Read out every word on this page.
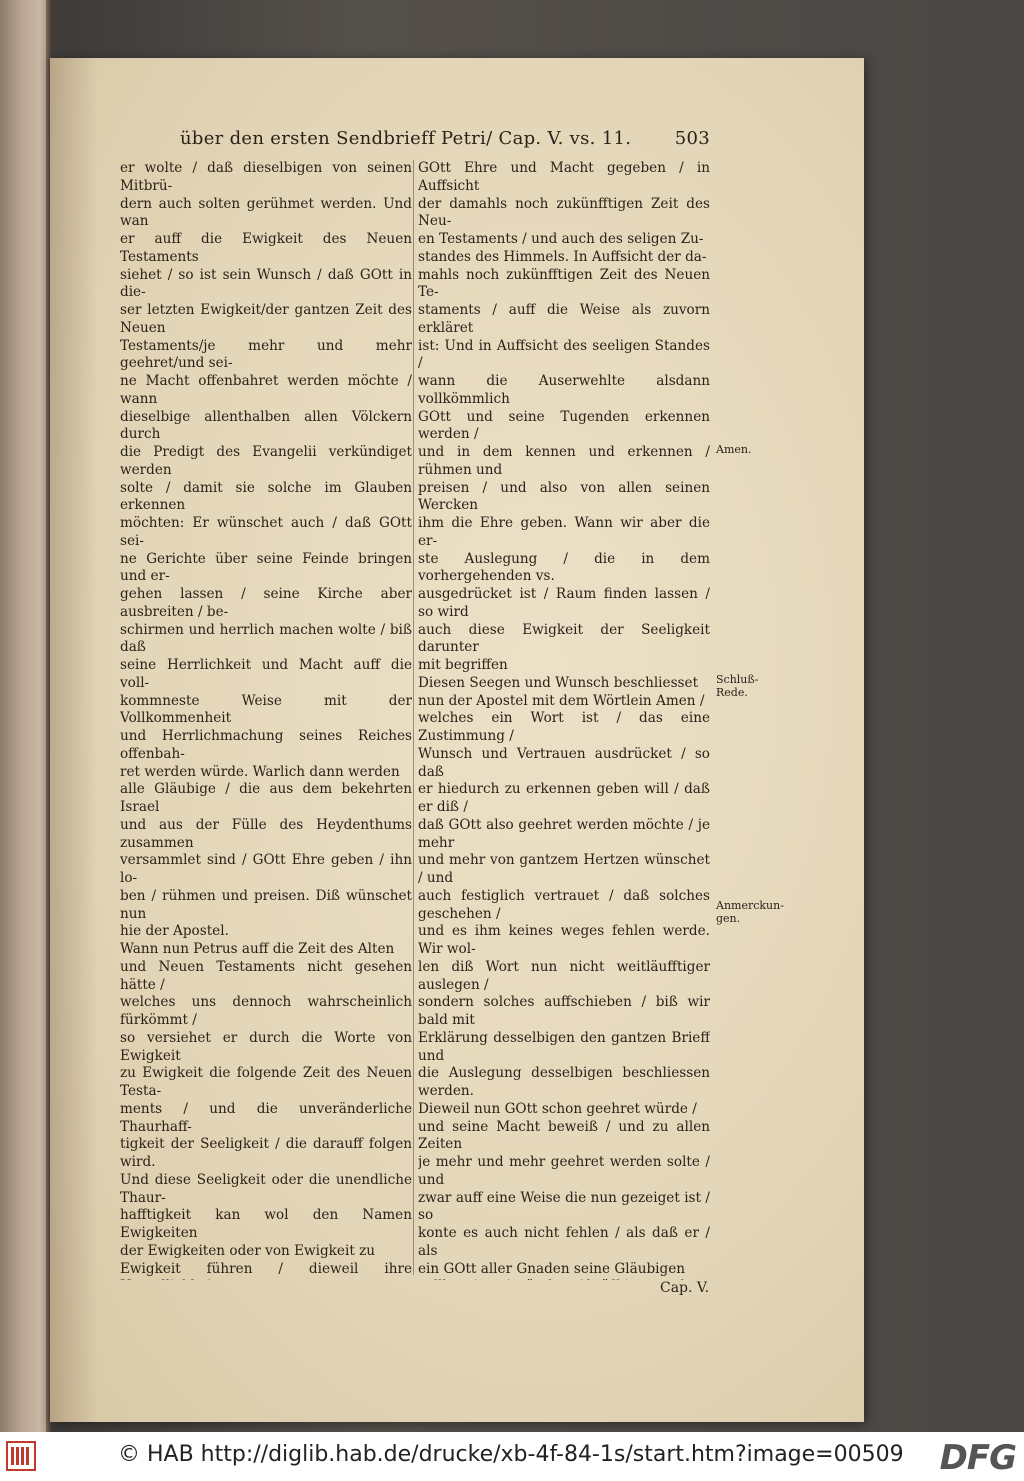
über den ersten Sendbrieff Petri/ Cap. V. vs. 11. 503

er wolte / daß dieselbigen von seinen Mitbrü-

dern auch solten gerühmet werden. Und wan

er auff die Ewigkeit des Neuen Testaments

siehet / so ist sein Wunsch / daß GOtt in die-

ser letzten Ewigkeit/der gantzen Zeit des Neuen

Testaments/je mehr und mehr geehret/und sei-

ne Macht offenbahret werden möchte / wann

dieselbige allenthalben allen Völckern durch

die Predigt des Evangelii verkündiget werden

solte / damit sie solche im Glauben erkennen

möchten: Er wünschet auch / daß GOtt sei-

ne Gerichte über seine Feinde bringen und er-

gehen lassen / seine Kirche aber ausbreiten / be-

schirmen und herrlich machen wolte / biß daß

seine Herrlichkeit und Macht auff die voll-

kommneste Weise mit der Vollkommenheit

und Herrlichmachung seines Reiches offenbah-

ret werden würde. Warlich dann werden

alle Gläubige / die aus dem bekehrten Israel

und aus der Fülle des Heydenthums zusammen

versammlet sind / GOtt Ehre geben / ihn lo-

ben / rühmen und preisen. Diß wünschet nun

hie der Apostel.

Wann nun Petrus auff die Zeit des Alten

und Neuen Testaments nicht gesehen hätte /

welches uns dennoch wahrscheinlich fürkömmt /

so versiehet er durch die Worte von Ewigkeit

zu Ewigkeit die folgende Zeit des Neuen Testa-

ments / und die unveränderliche Thaurhaff-

tigkeit der Seeligkeit / die darauff folgen wird.

Und diese Seeligkeit oder die unendliche Thaur-

hafftigkeit kan wol den Namen Ewigkeiten

der Ewigkeiten oder von Ewigkeit zu

Ewigkeit führen / dieweil ihre

GOtt Ehre und Macht gegeben / in Auffsicht

der damahls noch zukünfftigen Zeit des Neu-

en Testaments / und auch des seligen Zu-

standes des Himmels. In Auffsicht der da-

mahls noch zukünfftigen Zeit des Neuen Te-

staments / auff die Weise als zuvorn erkläret

ist: Und in Auffsicht des seeligen Standes /

wann die Auserwehlte alsdann vollkömmlich

GOtt und seine Tugenden erkennen werden /

und in dem kennen und erkennen / rühmen und

preisen / und also von allen seinen Wercken

ihm die Ehre geben. Wann wir aber die er-

ste Auslegung / die in dem vorhergehenden vs.

ausgedrücket ist / Raum finden lassen / so wird

auch diese Ewigkeit der Seeligkeit darunter

mit begriffen

Diesen Seegen und Wunsch beschliesset

nun der Apostel mit dem Wörtlein Amen /

welches ein Wort ist / das eine Zustimmung /

Wunsch und Vertrauen ausdrücket / so daß

er hiedurch zu erkennen geben will / daß er diß /

daß GOtt also geehret werden möchte / je mehr

und mehr von gantzem Hertzen wünschet / und

auch festiglich vertrauet / daß solches geschehen /

und es ihm keines weges fehlen werde. Wir wol-

len diß Wort nun nicht weitläufftiger auslegen /

sondern solches auffschieben / biß wir bald mit

Erklärung desselbigen den gantzen Brieff und

die Auslegung desselbigen beschliessen werden.

Dieweil nun GOtt schon geehret würde /

und seine Macht beweiß / und zu allen Zeiten

je mehr und mehr geehret werden solte / und

zwar auff eine Weise die nun gezeiget ist / so

konte es auch nicht fehlen / als daß er / als

ein GOtt aller Gnaden seine Gläubigen

Amen.
Schluß-
Rede.
Anmerckun-
gen.
Cap. V.
© HAB http://diglib.hab.de/drucke/xb-4f-84-1s/start.htm?image=00509 DFG
